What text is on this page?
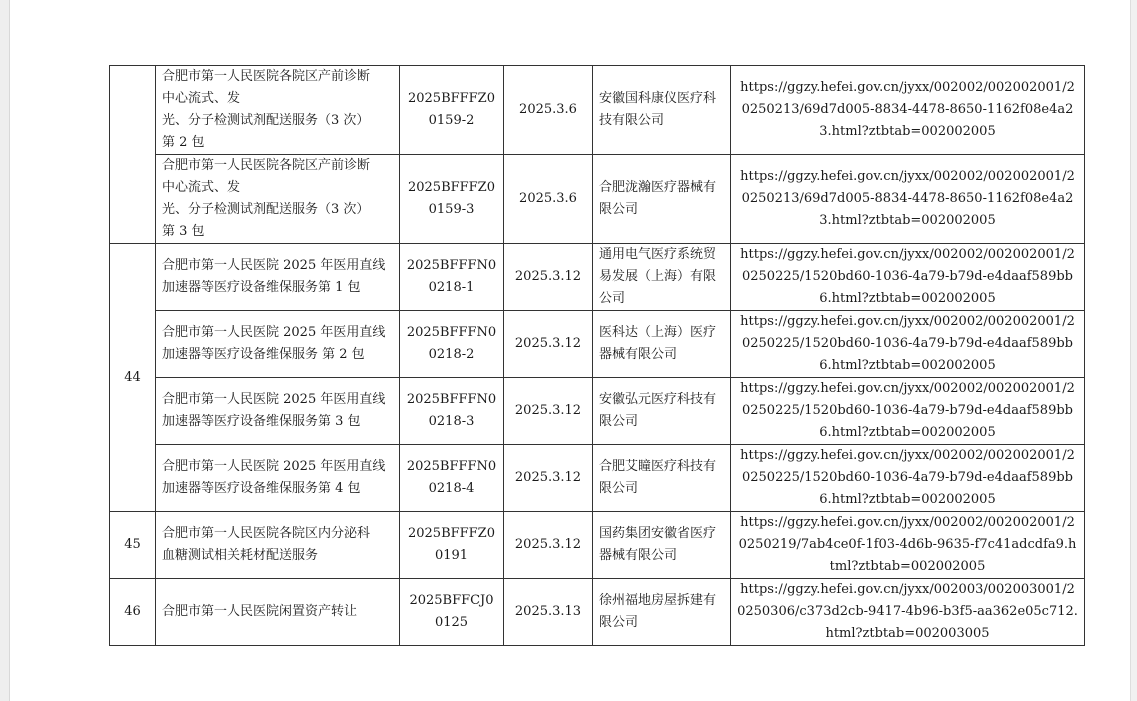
	合肥市第一人民医院各院区产前诊断
中心流式、发
光、分子检测试剂配送服务（3 次）
第 2 包	2025BFFFZ00159-2	2025.3.6	安徽国科康仪医疗科技有限公司	https://ggzy.hefei.gov.cn/jyxx/002002/002002001/20250213/69d7d005-8834-4478-8650-1162f08e4a23.html?ztbtab=002002005

	合肥市第一人民医院各院区产前诊断
中心流式、发
光、分子检测试剂配送服务（3 次）
第 3 包	2025BFFFZ00159-3	2025.3.6	合肥泷瀚医疗器械有限公司	https://ggzy.hefei.gov.cn/jyxx/002002/002002001/20250213/69d7d005-8834-4478-8650-1162f08e4a23.html?ztbtab=002002005
44	合肥市第一人民医院 2025 年医用直线
加速器等医疗设备维保服务第 1 包	2025BFFFN00218-1	2025.3.12	通用电气医疗系统贸易发展（上海）有限公司	https://ggzy.hefei.gov.cn/jyxx/002002/002002001/20250225/1520bd60-1036-4a79-b79d-e4daaf589bb6.html?ztbtab=002002005

	合肥市第一人民医院 2025 年医用直线
加速器等医疗设备维保服务 第 2 包	2025BFFFN00218-2	2025.3.12	医科达（上海）医疗器械有限公司	https://ggzy.hefei.gov.cn/jyxx/002002/002002001/20250225/1520bd60-1036-4a79-b79d-e4daaf589bb6.html?ztbtab=002002005

	合肥市第一人民医院 2025 年医用直线
加速器等医疗设备维保服务第 3 包	2025BFFFN00218-3	2025.3.12	安徽弘元医疗科技有限公司	https://ggzy.hefei.gov.cn/jyxx/002002/002002001/20250225/1520bd60-1036-4a79-b79d-e4daaf589bb6.html?ztbtab=002002005

	合肥市第一人民医院 2025 年医用直线
加速器等医疗设备维保服务第 4 包	2025BFFFN00218-4	2025.3.12	合肥艾瞳医疗科技有限公司	https://ggzy.hefei.gov.cn/jyxx/002002/002002001/20250225/1520bd60-1036-4a79-b79d-e4daaf589bb6.html?ztbtab=002002005
45	合肥市第一人民医院各院区内分泌科
血糖测试相关耗材配送服务	2025BFFFZ00191	2025.3.12	国药集团安徽省医疗器械有限公司	https://ggzy.hefei.gov.cn/jyxx/002002/002002001/20250219/7ab4ce0f-1f03-4d6b-9635-f7c41adcdfa9.html?ztbtab=002002005
46	合肥市第一人民医院闲置资产转让	2025BFFCJ00125	2025.3.13	徐州福地房屋拆建有限公司	https://ggzy.hefei.gov.cn/jyxx/002003/002003001/20250306/c373d2cb-9417-4b96-b3f5-aa362e05c712.html?ztbtab=002003005
